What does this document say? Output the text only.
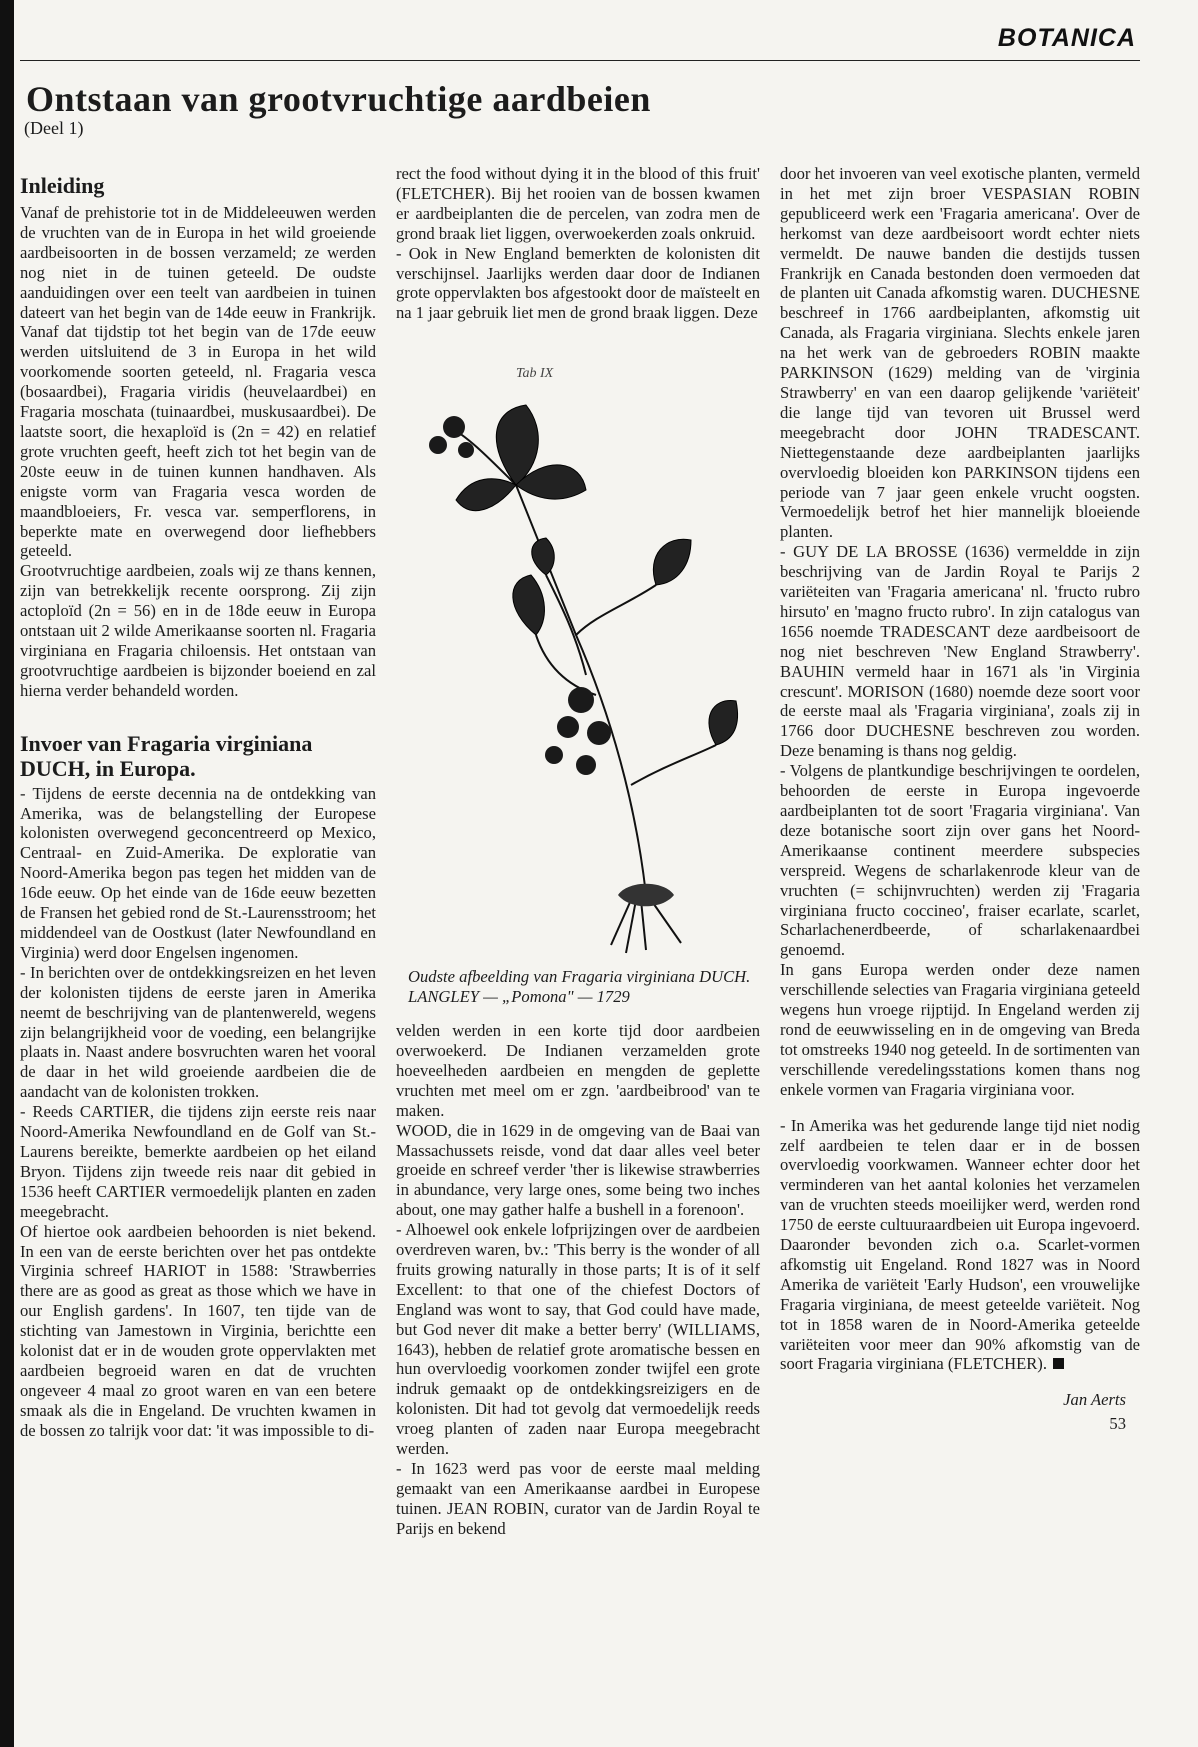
BOTANICA
Ontstaan van grootvruchtige aardbeien
(Deel 1)
Inleiding

Vanaf de prehistorie tot in de Middeleeuwen werden de vruchten van de in Europa in het wild groeiende aardbeisoorten in de bossen verzameld; ze werden nog niet in de tuinen geteeld. De oudste aanduidingen over een teelt van aardbeien in tuinen dateert van het begin van de 14de eeuw in Frankrijk. Vanaf dat tijdstip tot het begin van de 17de eeuw werden uitsluitend de 3 in Europa in het wild voorkomende soorten geteeld, nl. Fragaria vesca (bosaardbei), Fragaria viridis (heuvelaardbei) en Fragaria moschata (tuinaardbei, muskusaardbei). De laatste soort, die hexaploïd is (2n = 42) en relatief grote vruchten geeft, heeft zich tot het begin van de 20ste eeuw in de tuinen kunnen handhaven. Als enigste vorm van Fragaria vesca worden de maandbloeiers, Fr. vesca var. semperflorens, in beperkte mate en overwegend door liefhebbers geteeld.

Grootvruchtige aardbeien, zoals wij ze thans kennen, zijn van betrekkelijk recente oorsprong. Zij zijn actoploïd (2n = 56) en in de 18de eeuw in Europa ontstaan uit 2 wilde Amerikaanse soorten nl. Fragaria virginiana en Fragaria chiloensis. Het ontstaan van grootvruchtige aardbeien is bijzonder boeiend en zal hierna verder behandeld worden.

Invoer van Fragaria virginiana DUCH, in Europa.

- Tijdens de eerste decennia na de ontdekking van Amerika, was de belangstelling der Europese kolonisten overwegend geconcentreerd op Mexico, Centraal- en Zuid-Amerika. De exploratie van Noord-Amerika begon pas tegen het midden van de 16de eeuw. Op het einde van de 16de eeuw bezetten de Fransen het gebied rond de St.-Laurensstroom; het middendeel van de Oostkust (later Newfoundland en Virginia) werd door Engelsen ingenomen.

- In berichten over de ontdekkingsreizen en het leven der kolonisten tijdens de eerste jaren in Amerika neemt de beschrijving van de plantenwereld, wegens zijn belangrijkheid voor de voeding, een belangrijke plaats in. Naast andere bosvruchten waren het vooral de daar in het wild groeiende aardbeien die de aandacht van de kolonisten trokken.

- Reeds CARTIER, die tijdens zijn eerste reis naar Noord-Amerika Newfoundland en de Golf van St.-Laurens bereikte, bemerkte aardbeien op het eiland Bryon. Tijdens zijn tweede reis naar dit gebied in 1536 heeft CARTIER vermoedelijk planten en zaden meegebracht.

Of hiertoe ook aardbeien behoorden is niet bekend. In een van de eerste berichten over het pas ontdekte Virginia schreef HARIOT in 1588: 'Strawberries there are as good as great as those which we have in our English gardens'. In 1607, ten tijde van de stichting van Jamestown in Virginia, berichtte een kolonist dat er in de wouden grote oppervlakten met aardbeien begroeid waren en dat de vruchten ongeveer 4 maal zo groot waren en van een betere smaak als die in Engeland. De vruchten kwamen in de bossen zo talrijk voor dat: 'it was impossible to di-

rect the food without dying it in the blood of this fruit' (FLETCHER). Bij het rooien van de bossen kwamen er aardbeiplanten die de percelen, van zodra men de grond braak liet liggen, overwoekerden zoals onkruid.

- Ook in New England bemerkten de kolonisten dit verschijnsel. Jaarlijks werden daar door de Indianen grote oppervlakten bos afgestookt door de maïsteelt en na 1 jaar gebruik liet men de grond braak liggen. Deze

Tab IX
Oudste afbeelding van Fragaria virginiana DUCH. LANGLEY — „Pomona" — 1729

velden werden in een korte tijd door aardbeien overwoekerd. De Indianen verzamelden grote hoeveelheden aardbeien en mengden de geplette vruchten met meel om er zgn. 'aardbeibrood' van te maken.

WOOD, die in 1629 in de omgeving van de Baai van Massachussets reisde, vond dat daar alles veel beter groeide en schreef verder 'ther is likewise strawberries in abundance, very large ones, some being two inches about, one may gather halfe a bushell in a forenoon'.

- Alhoewel ook enkele lofprijzingen over de aardbeien overdreven waren, bv.: 'This berry is the wonder of all fruits growing naturally in those parts; It is of it self Excellent: to that one of the chiefest Doctors of England was wont to say, that God could have made, but God never dit make a better berry' (WILLIAMS, 1643), hebben de relatief grote aromatische bessen en hun overvloedig voorkomen zonder twijfel een grote indruk gemaakt op de ontdekkingsreizigers en de kolonisten. Dit had tot gevolg dat vermoedelijk reeds vroeg planten of zaden naar Europa meegebracht werden.

- In 1623 werd pas voor de eerste maal melding gemaakt van een Amerikaanse aardbei in Europese tuinen. JEAN ROBIN, curator van de Jardin Royal te Parijs en bekend

door het invoeren van veel exotische planten, vermeld in het met zijn broer VESPASIAN ROBIN gepubliceerd werk een 'Fragaria americana'. Over de herkomst van deze aardbeisoort wordt echter niets vermeldt. De nauwe banden die destijds tussen Frankrijk en Canada bestonden doen vermoeden dat de planten uit Canada afkomstig waren. DUCHESNE beschreef in 1766 aardbeiplanten, afkomstig uit Canada, als Fragaria virginiana. Slechts enkele jaren na het werk van de gebroeders ROBIN maakte PARKINSON (1629) melding van de 'virginia Strawberry' en van een daarop gelijkende 'variëteit' die lange tijd van tevoren uit Brussel werd meegebracht door JOHN TRADESCANT. Niettegenstaande deze aardbeiplanten jaarlijks overvloedig bloeiden kon PARKINSON tijdens een periode van 7 jaar geen enkele vrucht oogsten. Vermoedelijk betrof het hier mannelijk bloeiende planten.

- GUY DE LA BROSSE (1636) vermeldde in zijn beschrijving van de Jardin Royal te Parijs 2 variëteiten van 'Fragaria americana' nl. 'fructo rubro hirsuto' en 'magno fructo rubro'. In zijn catalogus van 1656 noemde TRADESCANT deze aardbeisoort de nog niet beschreven 'New England Strawberry'. BAUHIN vermeld haar in 1671 als 'in Virginia crescunt'. MORISON (1680) noemde deze soort voor de eerste maal als 'Fragaria virginiana', zoals zij in 1766 door DUCHESNE beschreven zou worden. Deze benaming is thans nog geldig.

- Volgens de plantkundige beschrijvingen te oordelen, behoorden de eerste in Europa ingevoerde aardbeiplanten tot de soort 'Fragaria virginiana'. Van deze botanische soort zijn over gans het Noord-Amerikaanse continent meerdere subspecies verspreid. Wegens de scharlakenrode kleur van de vruchten (= schijnvruchten) werden zij 'Fragaria virginiana fructo coccineo', fraiser ecarlate, scarlet, Scharlachenerdbeerde, of scharlakenaardbei genoemd.

In gans Europa werden onder deze namen verschillende selecties van Fragaria virginiana geteeld wegens hun vroege rijptijd. In Engeland werden zij rond de eeuwwisseling en in de omgeving van Breda tot omstreeks 1940 nog geteeld. In de sortimenten van verschillende veredelingsstations komen thans nog enkele vormen van Fragaria virginiana voor.

- In Amerika was het gedurende lange tijd niet nodig zelf aardbeien te telen daar er in de bossen overvloedig voorkwamen. Wanneer echter door het verminderen van het aantal kolonies het verzamelen van de vruchten steeds moeilijker werd, werden rond 1750 de eerste cultuuraardbeien uit Europa ingevoerd. Daaronder bevonden zich o.a. Scarlet-vormen afkomstig uit Engeland. Rond 1827 was in Noord Amerika de variëteit 'Early Hudson', een vrouwelijke Fragaria virginiana, de meest geteelde variëteit. Nog tot in 1858 waren de in Noord-Amerika geteelde variëteiten voor meer dan 90% afkomstig van de soort Fragaria virginiana (FLETCHER).

Jan Aerts
53
